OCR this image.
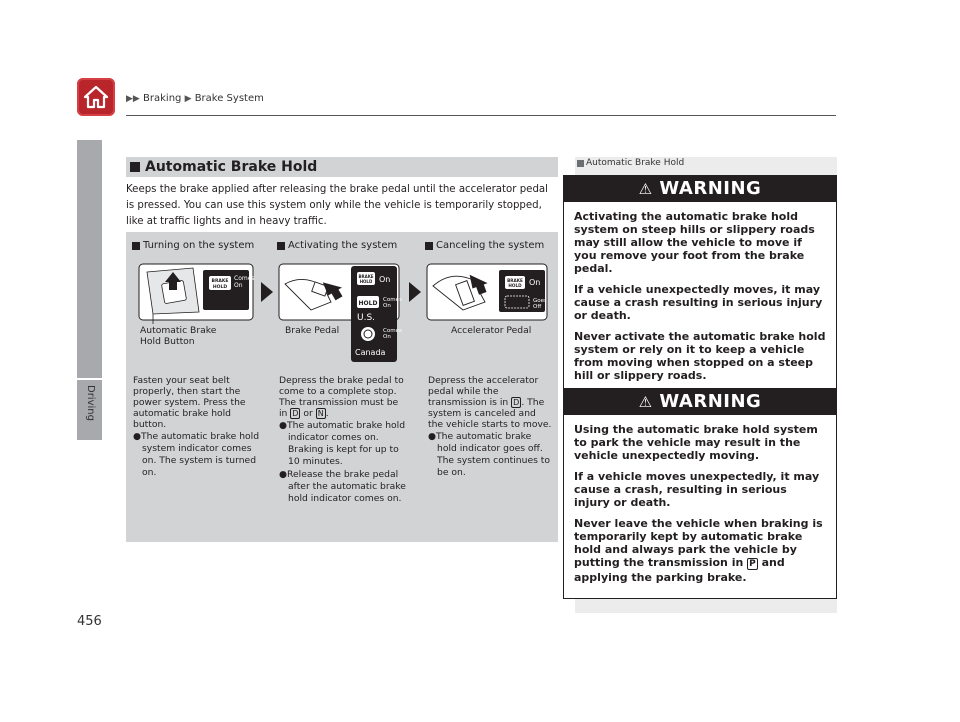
▶▶ Braking ▶ Brake System
Driving
456
Automatic Brake Hold
Keeps the brake applied after releasing the brake pedal until the accelerator pedal is pressed. You can use this system only while the vehicle is temporarily stopped, like at traffic lights and in heavy traffic.
Turning on the system	Activating the system	Canceling the system
BRAKE
HOLD
Comes
On
BRAKE
HOLD On
HOLD Comes
On
U.S.
Comes
On
Canada
BRAKE
HOLD On
Goes
Off
Automatic Brake Hold Button
Brake Pedal	Accelerator Pedal

Fasten your seat belt properly, then start the power system. Press the automatic brake hold button.

●The automatic brake hold system indicator comes on. The system is turned on.

Depress the brake pedal to come to a complete stop. The transmission must be in D or N .

●The automatic brake hold indicator comes on. Braking is kept for up to 10 minutes.

●Release the brake pedal after the automatic brake hold indicator comes on.

Depress the accelerator pedal while the transmission is in D . The system is canceled and the vehicle starts to move.

●The automatic brake hold indicator goes off. The system continues to be on.

Automatic Brake Hold
⚠ WARNING

Activating the automatic brake hold system on steep hills or slippery roads may still allow the vehicle to move if you remove your foot from the brake pedal.

If a vehicle unexpectedly moves, it may cause a crash resulting in serious injury or death.

Never activate the automatic brake hold system or rely on it to keep a vehicle from moving when stopped on a steep hill or slippery roads.

⚠ WARNING

Using the automatic brake hold system to park the vehicle may result in the vehicle unexpectedly moving.

If a vehicle moves unexpectedly, it may cause a crash, resulting in serious injury or death.

Never leave the vehicle when braking is temporarily kept by automatic brake hold and always park the vehicle by putting the transmission in P and applying the parking brake.
